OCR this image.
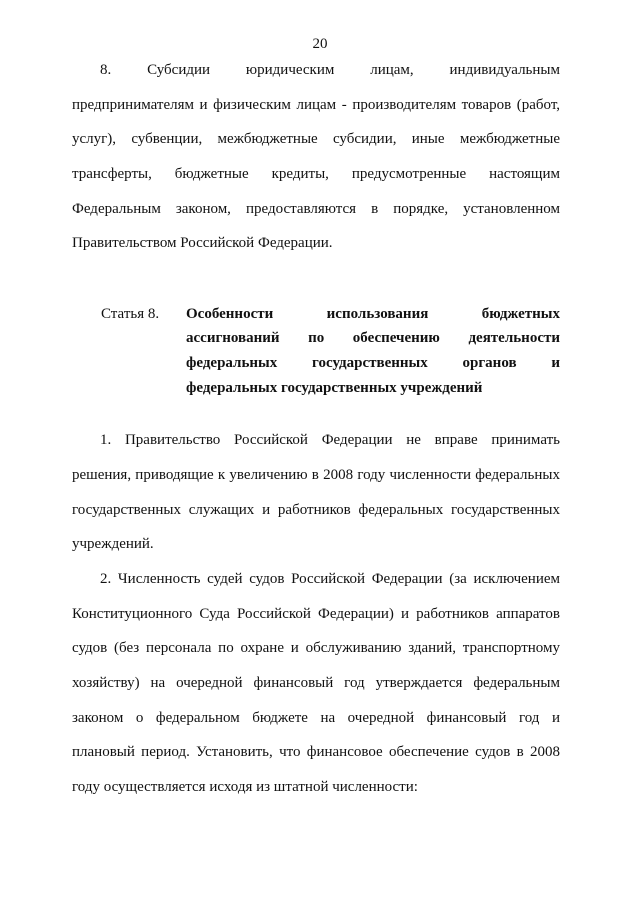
20
8. Субсидии юридическим лицам, индивидуальным
предпринимателям и физическим лицам - производителям товаров (работ,
услуг), субвенции, межбюджетные субсидии, иные межбюджетные
трансферты, бюджетные кредиты, предусмотренные настоящим
Федеральным законом, предоставляются в порядке, установленном
Правительством Российской Федерации.
Статья 8. Особенности использования бюджетных
ассигнований по обеспечению деятельности
федеральных государственных органов и
федеральных государственных учреждений
1. Правительство Российской Федерации не вправе принимать
решения, приводящие к увеличению в 2008 году численности федеральных
государственных служащих и работников федеральных государственных
учреждений.
2. Численность судей судов Российской Федерации (за исключением
Конституционного Суда Российской Федерации) и работников аппаратов
судов (без персонала по охране и обслуживанию зданий, транспортному
хозяйству) на очередной финансовый год утверждается федеральным
законом о федеральном бюджете на очередной финансовый год и
плановый период. Установить, что финансовое обеспечение судов в 2008
году осуществляется исходя из штатной численности:
